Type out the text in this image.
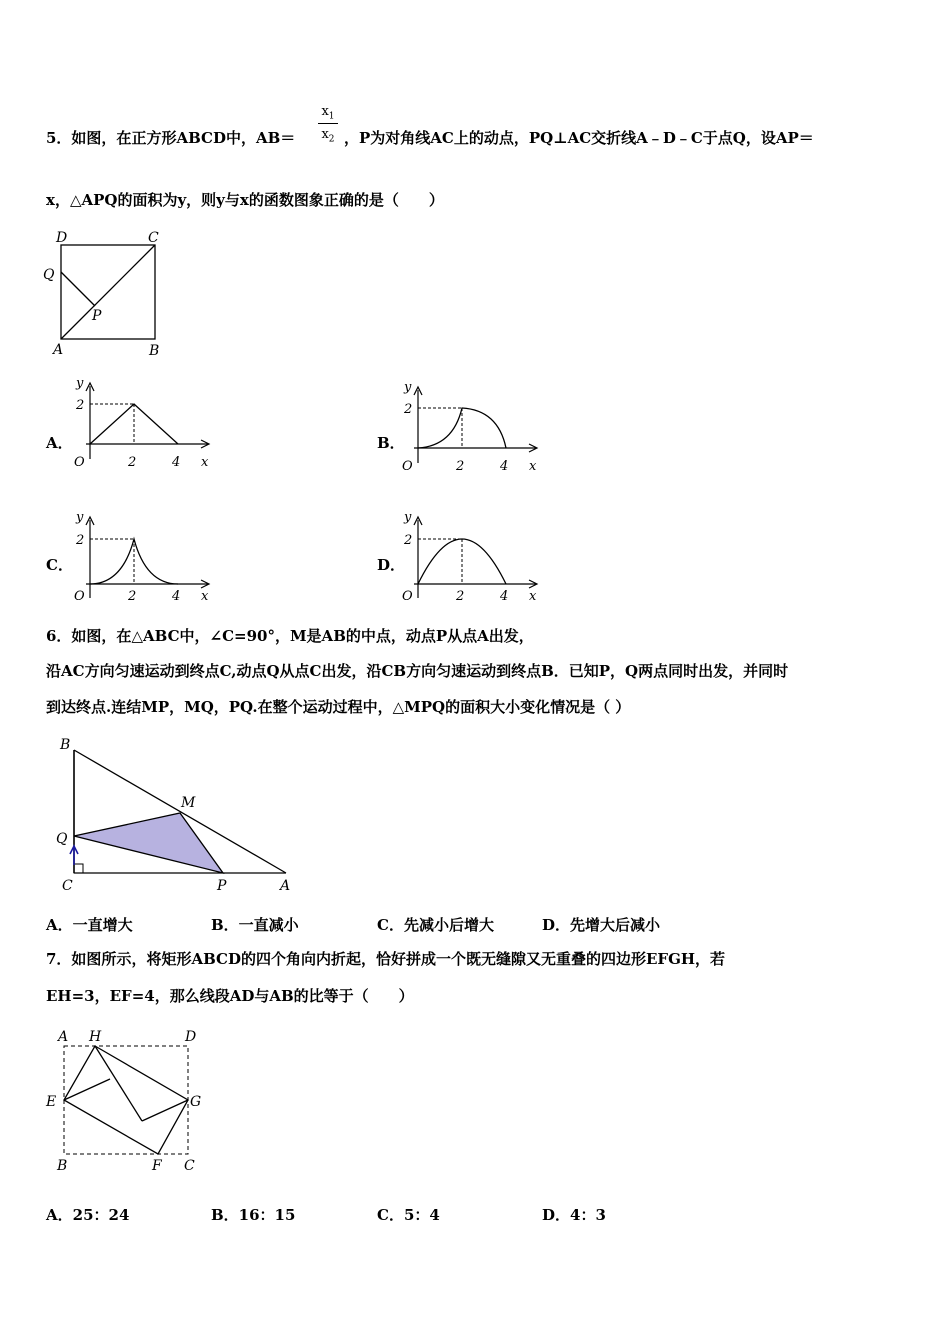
5．如图，在正方形ABCD中，AB＝
$x_1$
$x_2$ ，P为对角线AC上的动点，PQ⊥AC交折线A﹣D﹣C于点Q，设AP＝
x，△APQ的面积为y，则y与x的函数图象正确的是（　　）
D	C
Q
P
A	B
A．
y
2
O	2	4 x
B．
y
2
O	2	4 x
C．
y
2
O	2	4 x
D．
y
2
O	2	4 x
6．如图，在△ABC中，∠C=90°，M是AB的中点，动点P从点A出发，
沿AC方向匀速运动到终点C,动点Q从点C出发，沿CB方向匀速运动到终点B．已知P，Q两点同时出发，并同时
到达终点.连结MP，MQ，PQ.在整个运动过程中，△MPQ的面积大小变化情况是（ ）
B
M
Q
C	P	A
A．一直增大	B．一直减小	C．先减小后增大	D．先增大后减小
7．如图所示，将矩形ABCD的四个角向内折起，恰好拼成一个既无缝隙又无重叠的四边形EFGH，若
EH=3，EF=4，那么线段AD与AB的比等于（　　）
A H	D
E	G
B	F C
A．25：24	B．16：15	C．5：4	D．4：3
